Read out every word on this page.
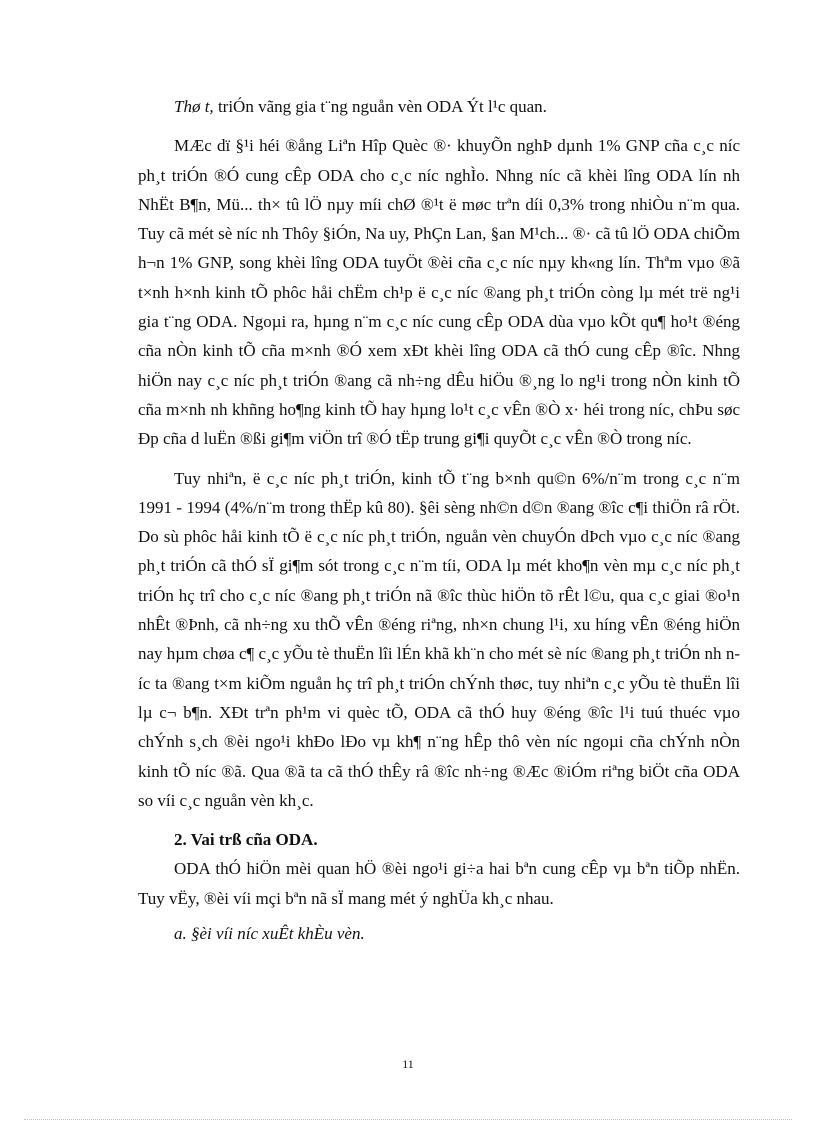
Thø t, triÓn vãng gia t¨ng nguån vèn ODA Ýt l¹c quan.

MÆc dï §¹i héi ®ång Liªn Hîp Quèc ®· khuyÕn nghÞ dµnh 1% GNP cña c¸c níc ph¸t triÓn ®Ó cung cÊp ODA cho c¸c níc nghÌo. Nhng níc cã khèi lîng ODA lín nh NhËt B¶n, Mü... th× tû lÖ nµy míi chØ ®¹t ë møc trªn díi 0,3% trong nhiÒu n¨m qua. Tuy cã mét sè níc nh Thôy §iÓn, Na uy, PhÇn Lan, §an M¹ch... ®· cã tû lÖ ODA chiÕm h¬n 1% GNP, song khèi lîng ODA tuyÖt ®èi cña c¸c níc nµy kh«ng lín. Thªm vµo ®ã t×nh h×nh kinh tÕ phôc håi chËm ch¹p ë c¸c níc ®ang ph¸t triÓn còng lµ mét trë ng¹i gia t¨ng ODA. Ngoµi ra, hµng n¨m c¸c níc cung cÊp ODA dùa vµo kÕt qu¶ ho¹t ®éng cña nÒn kinh tÕ cña m×nh ®Ó xem xÐt khèi lîng ODA cã thÓ cung cÊp ®îc. Nhng hiÖn nay c¸c níc ph¸t triÓn ®ang cã nh÷ng dÊu hiÖu ®¸ng lo ng¹i trong nÒn kinh tÕ cña m×nh nh khñng ho¶ng kinh tÕ hay hµng lo¹t c¸c vÊn ®Ò x· héi trong níc, chÞu søc Ðp cña d luËn ®ßi gi¶m viÖn trî ®Ó tËp trung gi¶i quyÕt c¸c vÊn ®Ò trong níc.

Tuy nhiªn, ë c¸c níc ph¸t triÓn, kinh tÕ t¨ng b×nh qu©n 6%/n¨m trong c¸c n¨m 1991 - 1994 (4%/n¨m trong thËp kû 80). §êi sèng nh©n d©n ®ang ®îc c¶i thiÖn râ rÖt. Do sù phôc håi kinh tÕ ë c¸c níc ph¸t triÓn, nguån vèn chuyÓn dÞch vµo c¸c níc ®ang ph¸t triÓn cã thÓ sÏ gi¶m sót trong c¸c n¨m tíi, ODA lµ mét kho¶n vèn mµ c¸c níc ph¸t triÓn hç trî cho c¸c níc ®ang ph¸t triÓn nã ®îc thùc hiÖn tõ rÊt l©u, qua c¸c giai ®o¹n nhÊt ®Þnh, cã nh÷ng xu thÕ vÊn ®éng riªng, nh×n chung l¹i, xu híng vÊn ®éng hiÖn nay hµm chøa c¶ c¸c yÕu tè thuËn lîi lÉn khã kh¨n cho mét sè níc ®ang ph¸t triÓn nh níc ta ®ang t×m kiÕm nguån hç trî ph¸t triÓn chÝnh thøc, tuy nhiªn c¸c yÕu tè thuËn lîi lµ c¬ b¶n. XÐt trªn ph¹m vi quèc tÕ, ODA cã thÓ huy ®éng ®îc l¹i tuú thuéc vµo chÝnh s¸ch ®èi ngo¹i khÐo lÐo vµ kh¶ n¨ng hÊp thô vèn níc ngoµi cña chÝnh nÒn kinh tÕ níc ®ã. Qua ®ã ta cã thÓ thÊy râ ®îc nh÷ng ®Æc ®iÓm riªng biÖt cña ODA so víi c¸c nguån vèn kh¸c.

2. Vai trß cña ODA.

ODA thÓ hiÖn mèi quan hÖ ®èi ngo¹i gi÷a hai bªn cung cÊp vµ bªn tiÕp nhËn. Tuy vËy, ®èi víi mçi bªn nã sÏ mang mét ý nghÜa kh¸c nhau.

a. §èi víi níc xuÊt khÈu vèn.

11
